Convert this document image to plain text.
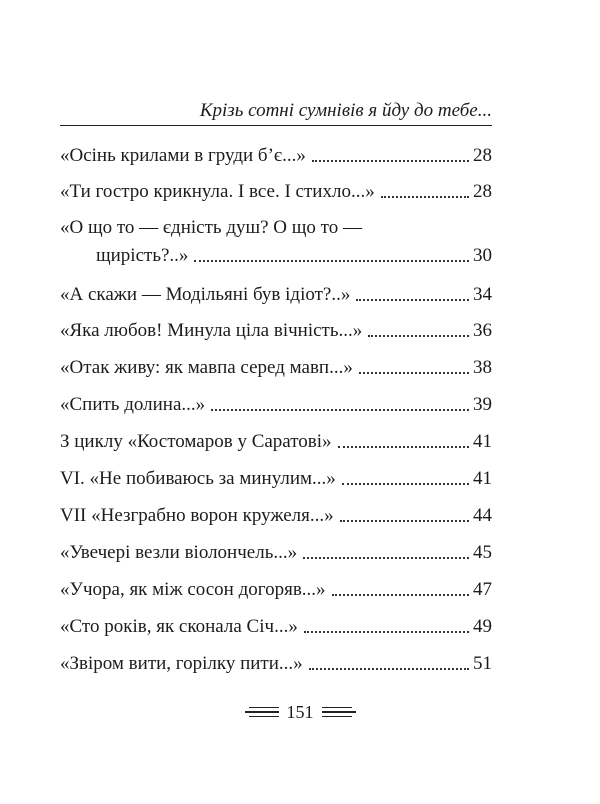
Крізь сотні сумнівів я йду до тебе...
«Осінь крилами в груди б’є...»	28
«Ти гостро крикнула. І все. І стихло...»	28
«О що то — єдність душ? О що то —
щирість?..»	30
«А скажи — Модільяні був ідіот?..»	34
«Яка любов! Минула ціла вічність...»	36
«Отак живу: як мавпа серед мавп...»	38
«Спить долина...»	39
З циклу «Костомаров у Саратові»	41
VI. «Не побиваюсь за минулим...»	41
VII «Незграбно ворон кружеля...»	44
«Увечері везли віолончель...»	45
«Учора, як між сосон догоряв...»	47
«Сто років, як сконала Січ...»	49
«Звіром вити, горілку пити...»	51
151
